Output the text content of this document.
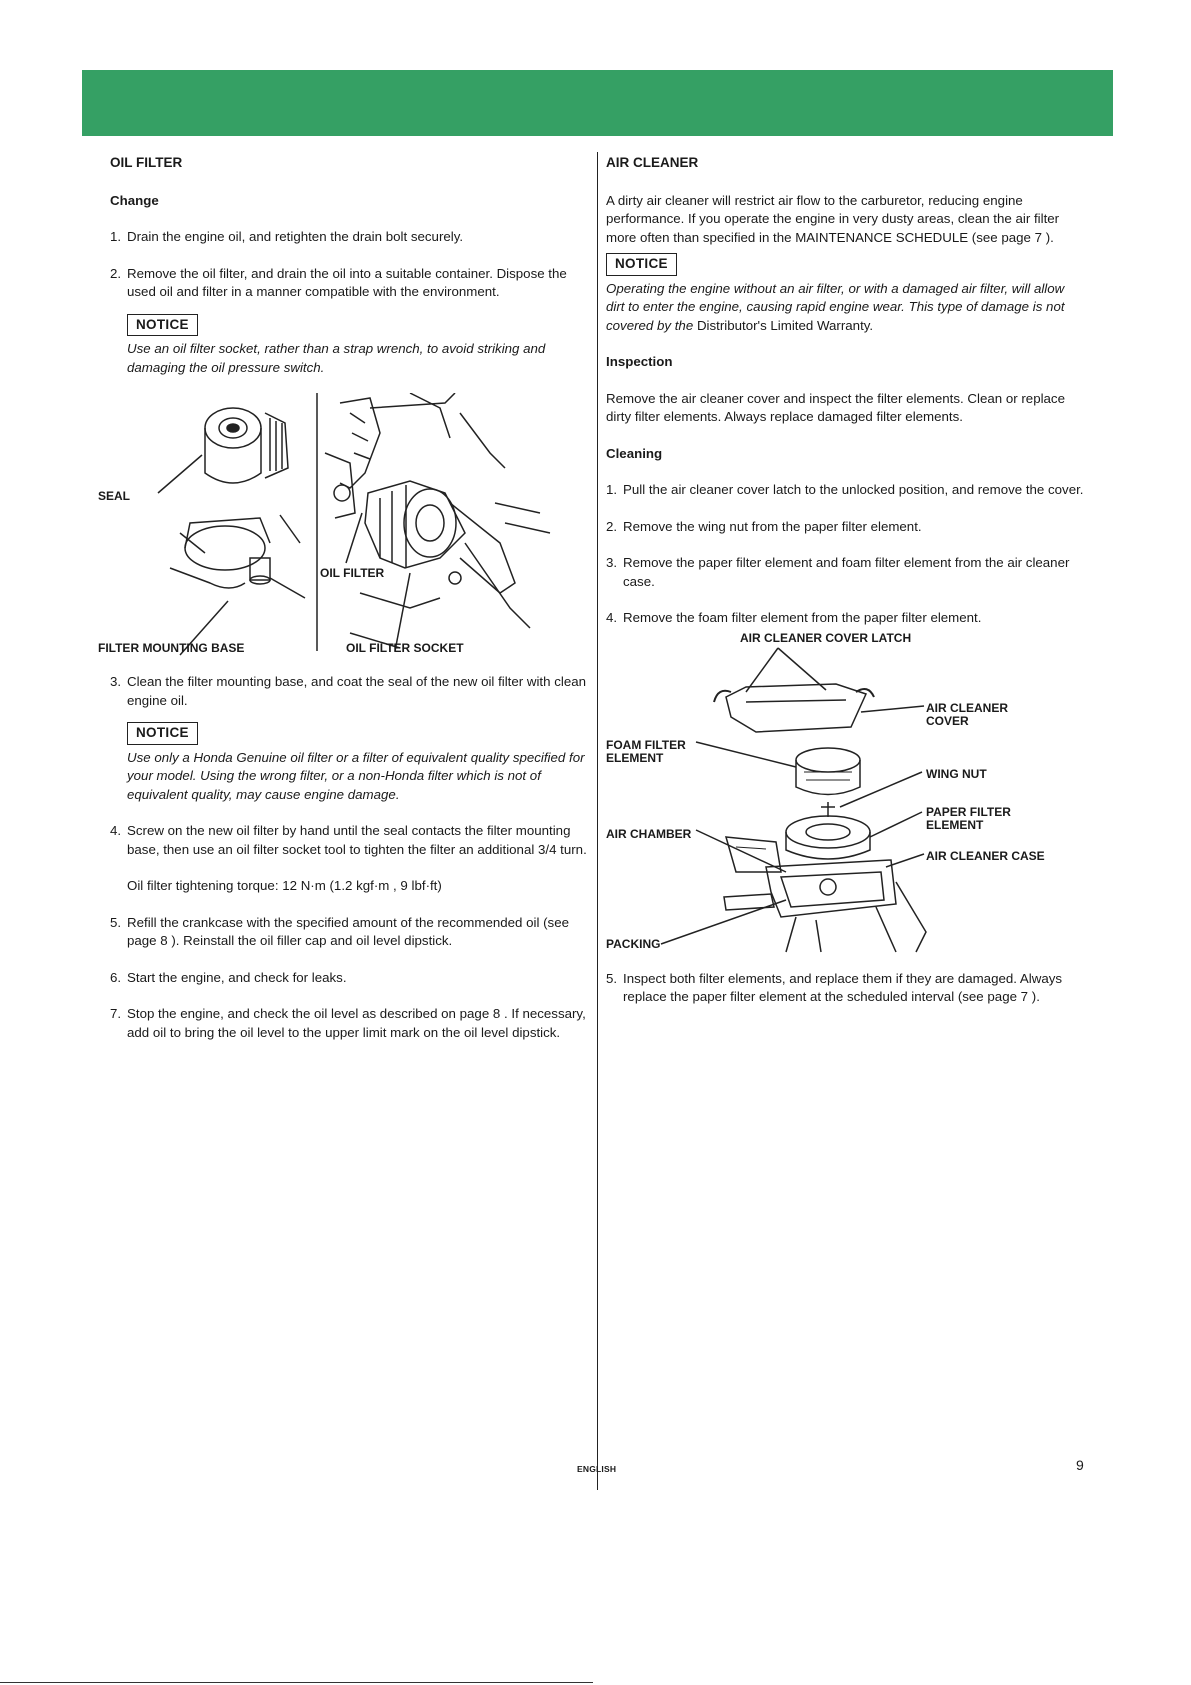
OIL FILTER
Change
1. Drain the engine oil, and retighten the drain bolt securely.
2. Remove the oil filter, and drain the oil into a suitable container. Dispose the used oil and filter in a manner compatible with the environment.
NOTICE
Use an oil filter socket, rather than a strap wrench, to avoid striking and damaging the oil pressure switch.
SEAL
OIL FILTER
FILTER MOUNTING BASE	OIL FILTER SOCKET
3. Clean the filter mounting base, and coat the seal of the new oil filter with clean engine oil.
NOTICE
Use only a Honda Genuine oil filter or a filter of equivalent quality specified for your model. Using the wrong filter, or a non-Honda filter which is not of equivalent quality, may cause engine damage.
4. Screw on the new oil filter by hand until the seal contacts the filter mounting base, then use an oil filter socket tool to tighten the filter an additional 3/4 turn.
Oil filter tightening torque: 12 N·m (1.2 kgf·m , 9 lbf·ft)
5. Refill the crankcase with the specified amount of the recommended oil (see page 8 ). Reinstall the oil filler cap and oil level dipstick.
6. Start the engine, and check for leaks.
7. Stop the engine, and check the oil level as described on page 8 . If necessary, add oil to bring the oil level to the upper limit mark on the oil level dipstick.
AIR CLEANER

A dirty air cleaner will restrict air flow to the carburetor, reducing engine performance. If you operate the engine in very dusty areas, clean the air filter more often than specified in the MAINTENANCE SCHEDULE (see page 7 ).

NOTICE
Operating the engine without an air filter, or with a damaged air filter, will allow dirt to enter the engine, causing rapid engine wear. This type of damage is not covered by the Distributor's Limited Warranty.
Inspection

Remove the air cleaner cover and inspect the filter elements. Clean or replace dirty filter elements. Always replace damaged filter elements.

Cleaning
1. Pull the air cleaner cover latch to the unlocked position, and remove the cover.
2. Remove the wing nut from the paper filter element.
3. Remove the paper filter element and foam filter element from the air cleaner case.
4. Remove the foam filter element from the paper filter element.
AIR CLEANER COVER LATCH
AIR CLEANER
COVER
FOAM FILTER
ELEMENT
WING NUT
PAPER FILTER
ELEMENT
AIR CHAMBER
AIR CLEANER CASE
PACKING
5. Inspect both filter elements, and replace them if they are damaged. Always replace the paper filter element at the scheduled interval (see page 7 ).
ENGLISH	9
